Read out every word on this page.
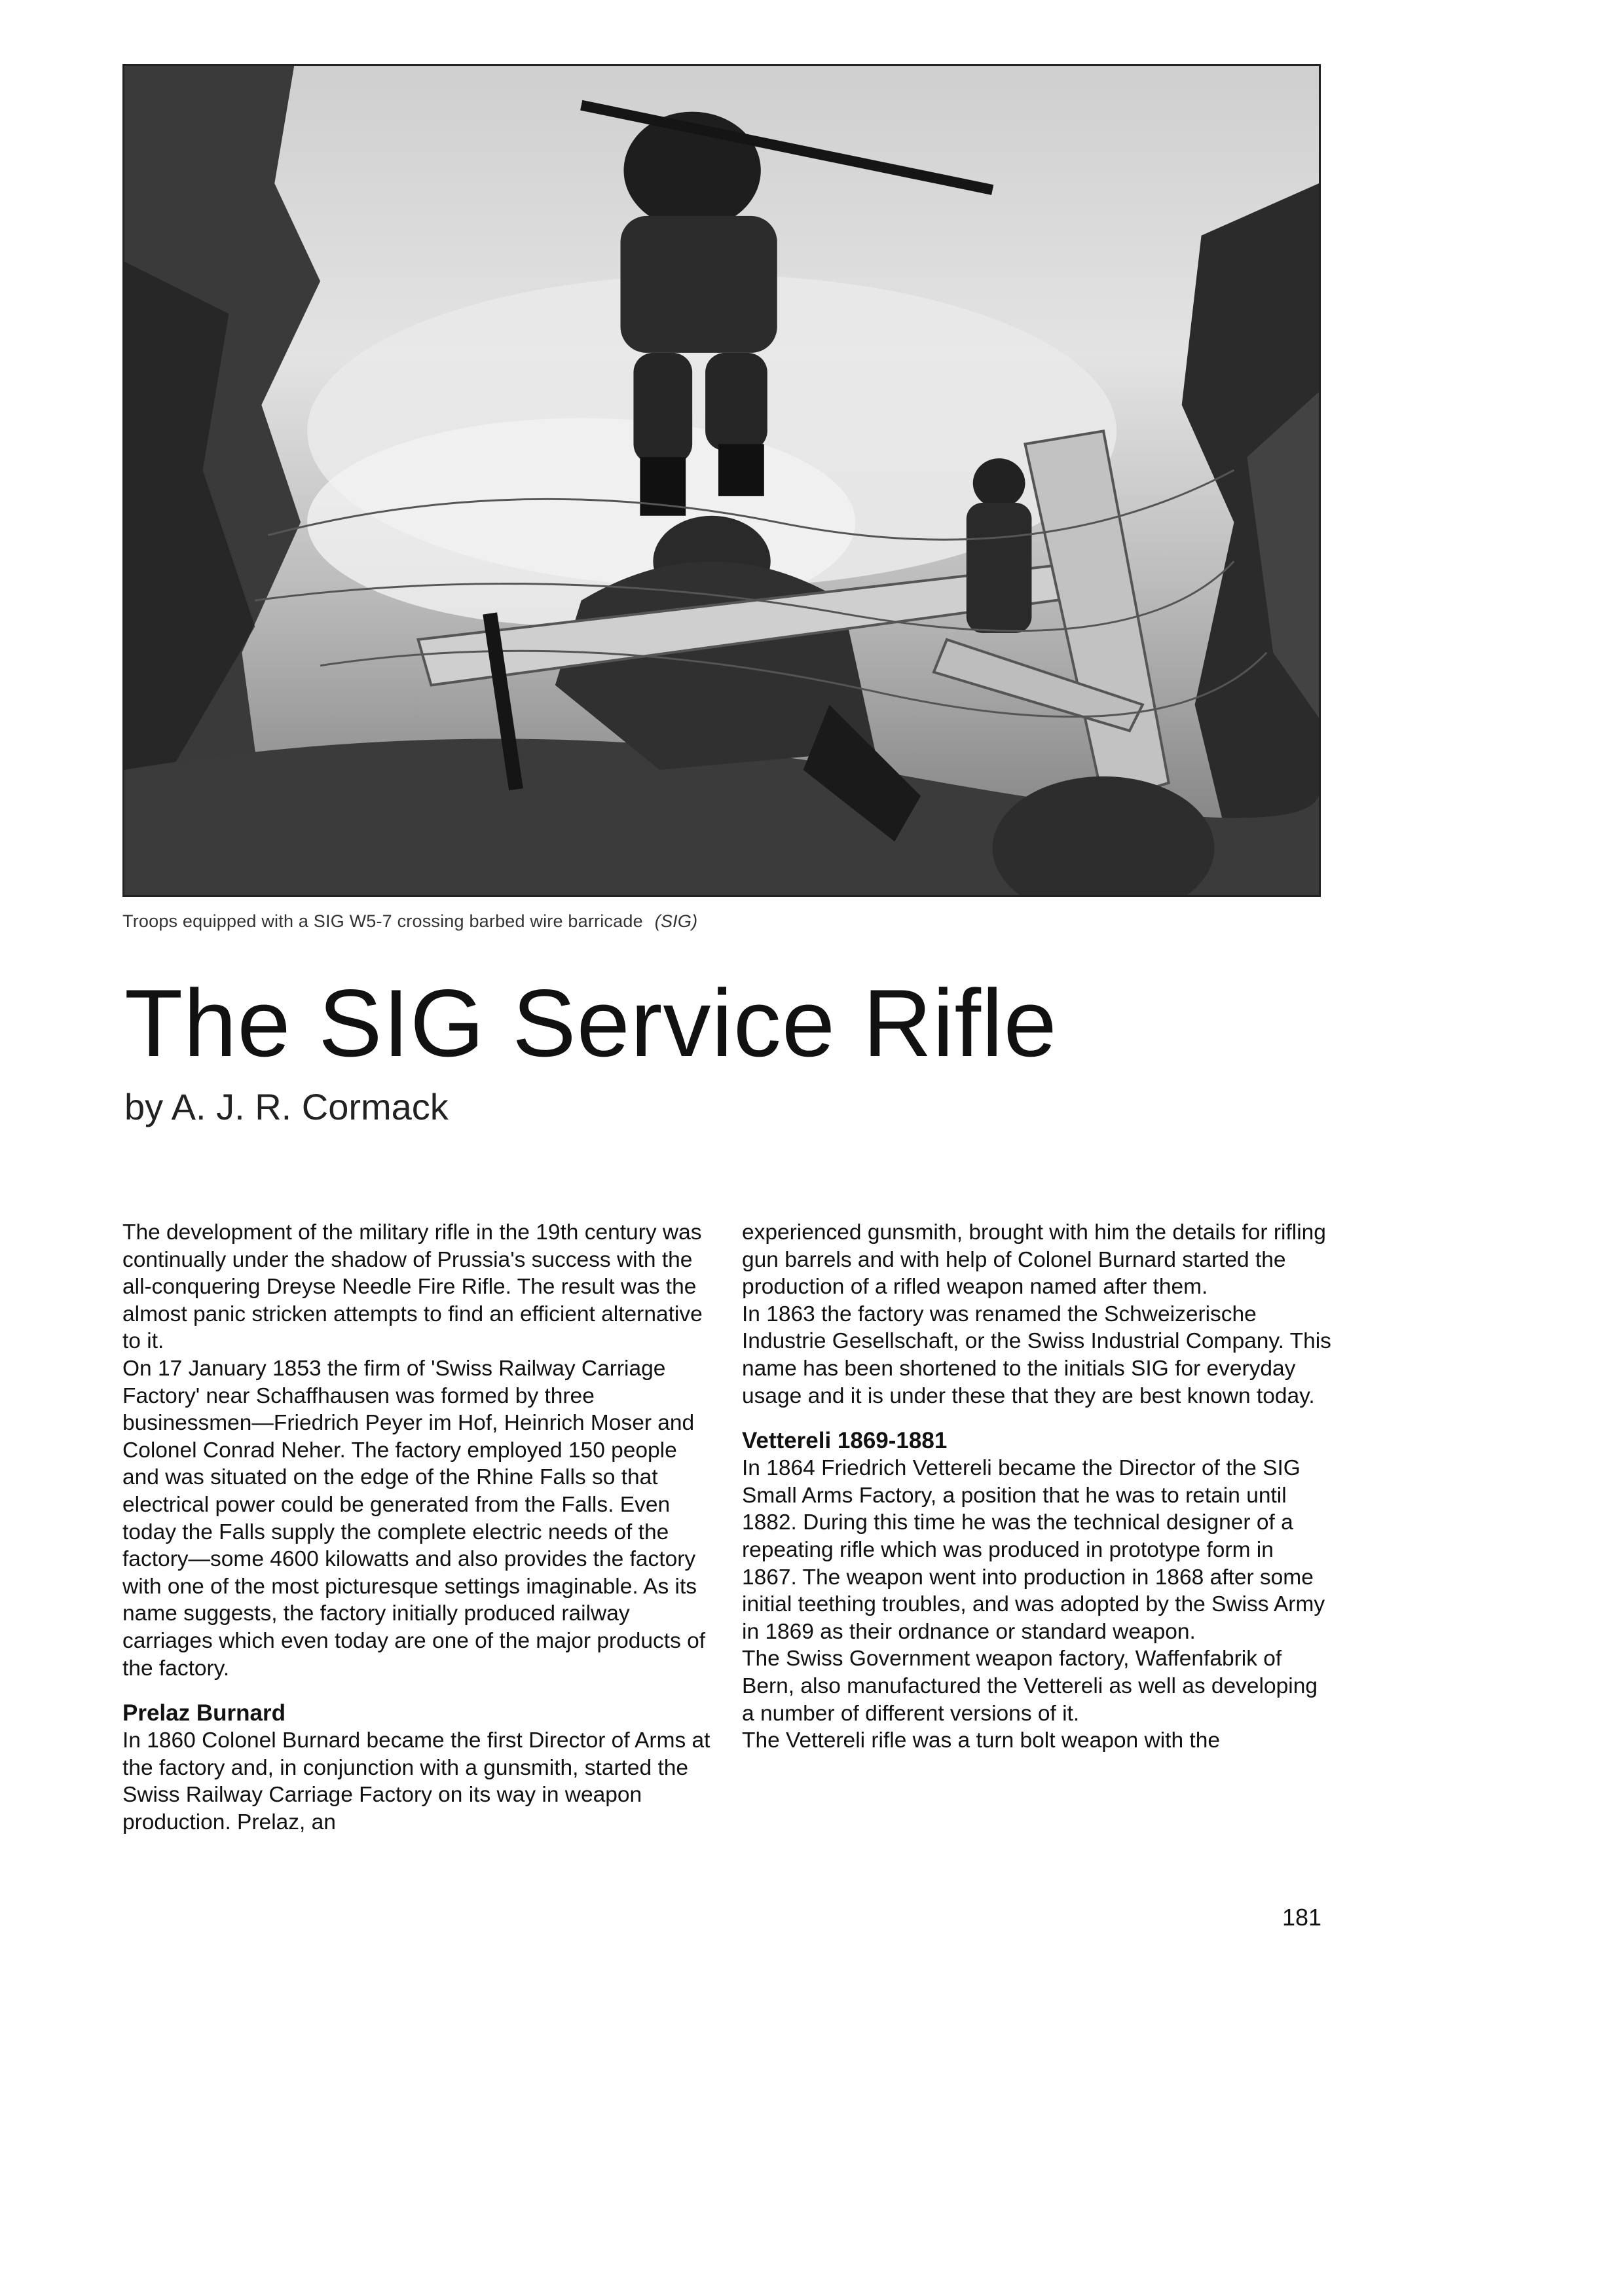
Troops equipped with a SIG W5-7 crossing barbed wire barricade (SIG)
The SIG Service Rifle
by A. J. R. Cormack

The development of the military rifle in the 19th century was continually under the shadow of Prussia's success with the all-conquering Dreyse Needle Fire Rifle. The result was the almost panic stricken attempts to find an efficient alternative to it.

On 17 January 1853 the firm of 'Swiss Railway Carriage Factory' near Schaffhausen was formed by three businessmen—Friedrich Peyer im Hof, Heinrich Moser and Colonel Conrad Neher. The factory employed 150 people and was situated on the edge of the Rhine Falls so that electrical power could be generated from the Falls. Even today the Falls supply the complete electric needs of the factory—some 4600 kilowatts and also provides the factory with one of the most picturesque settings imaginable. As its name suggests, the factory initially produced railway carriages which even today are one of the major products of the factory.

Prelaz Burnard

In 1860 Colonel Burnard became the first Director of Arms at the factory and, in conjunction with a gunsmith, started the Swiss Railway Carriage Factory on its way in weapon production. Prelaz, an

experienced gunsmith, brought with him the details for rifling gun barrels and with help of Colonel Burnard started the production of a rifled weapon named after them.

In 1863 the factory was renamed the Schweizerische Industrie Gesellschaft, or the Swiss Industrial Company. This name has been shortened to the initials SIG for everyday usage and it is under these that they are best known today.

Vettereli 1869-1881

In 1864 Friedrich Vettereli became the Director of the SIG Small Arms Factory, a position that he was to retain until 1882. During this time he was the technical designer of a repeating rifle which was produced in prototype form in 1867. The weapon went into production in 1868 after some initial teething troubles, and was adopted by the Swiss Army in 1869 as their ordnance or standard weapon.

The Swiss Government weapon factory, Waffenfabrik of Bern, also manufactured the Vettereli as well as developing a number of different versions of it.

The Vettereli rifle was a turn bolt weapon with the

181
